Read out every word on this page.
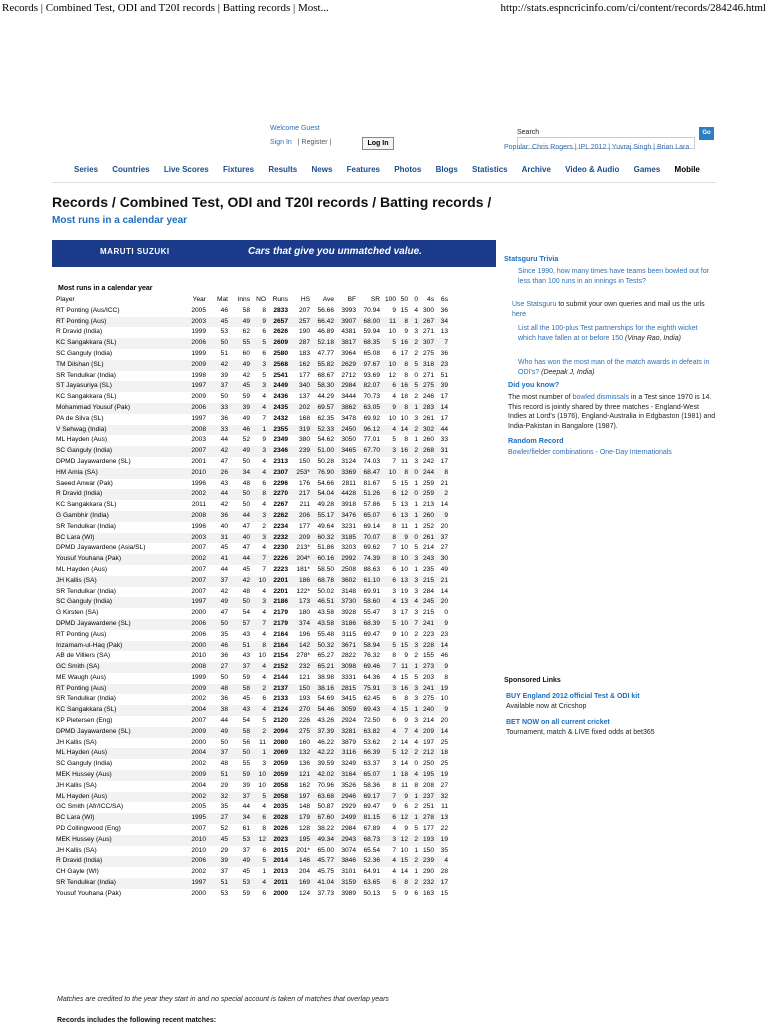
Records | Combined Test, ODI and T20I records | Batting records | Most...	http://stats.espncricinfo.com/ci/content/records/284246.html
Welcome Guest
Sign In | Register |	Log In
Search	Go
Popular: Chris Rogers | IPL 2012 | Yuvraj Singh | Brian Lara
Series Countries Live Scores Fixtures Results News Features Photos Blogs Statistics Archive Video & Audio Games Mobile
Records / Combined Test, ODI and T20I records / Batting records / Most runs in a calendar year
MARUTI SUZUKI	Cars that give you unmatched value.
Most runs in a calendar year
Player	Year	Mat	Inns	NO	Runs	HS	Ave	BF	SR	100	50	0	4s	6s
RT Ponting (Aus/ICC)	2005	46	58	8	2833	207	56.66	3993	70.94	9	15	4	300	36
RT Ponting (Aus)	2003	45	49	9	2657	257	66.42	3907	68.00	11	8	1	267	34
R Dravid (India)	1999	53	62	6	2626	190	46.89	4381	59.94	10	9	3	271	13
KC Sangakkara (SL)	2006	50	55	5	2609	287	52.18	3817	68.35	5	16	2	307	7
SC Ganguly (India)	1999	51	60	6	2580	183	47.77	3964	65.08	6	17	2	275	36
TM Dilshan (SL)	2009	42	49	3	2568	162	55.82	2629	97.67	10	8	5	318	23
SR Tendulkar (India)	1998	39	42	5	2541	177	68.67	2712	93.69	12	8	0	271	51
ST Jayasuriya (SL)	1997	37	45	3	2449	340	58.30	2984	82.07	6	16	5	275	39
KC Sangakkara (SL)	2009	50	59	4	2436	137	44.29	3444	70.73	4	18	2	246	17
Mohammad Yousuf (Pak)	2006	33	39	4	2435	202	69.57	3862	63.05	9	8	1	283	14
PA de Silva (SL)	1997	36	49	7	2432	168	62.35	3478	69.92	10	10	3	261	17
V Sehwag (India)	2008	33	46	1	2355	319	52.33	2450	96.12	4	14	2	302	44
ML Hayden (Aus)	2003	44	52	9	2349	380	54.62	3050	77.01	5	8	1	260	33
SC Ganguly (India)	2007	42	49	3	2346	239	51.00	3465	67.70	3	16	2	268	31
DPMD Jayawardene (SL)	2001	47	50	4	2313	150	50.28	3124	74.03	7	11	3	242	17
HM Amla (SA)	2010	26	34	4	2307	253*	76.90	3369	68.47	10	8	0	244	8
Saeed Anwar (Pak)	1996	43	48	6	2296	176	54.66	2811	81.67	5	15	1	259	21
R Dravid (India)	2002	44	50	8	2270	217	54.04	4428	51.26	6	12	0	259	2
KC Sangakkara (SL)	2011	42	50	4	2267	211	49.28	3918	57.86	5	13	1	213	14
G Gambhir (India)	2008	36	44	3	2262	206	55.17	3476	65.07	6	13	1	260	9
SR Tendulkar (India)	1996	40	47	2	2234	177	49.64	3231	69.14	8	11	1	252	20
BC Lara (WI)	2003	31	40	3	2232	209	60.32	3185	70.07	8	9	0	261	37
DPMD Jayawardene (Asia/SL)	2007	45	47	4	2230	213*	51.86	3203	69.62	7	10	5	214	27
Yousuf Youhana (Pak)	2002	41	44	7	2226	204*	60.16	2992	74.39	8	10	3	243	30
ML Hayden (Aus)	2007	44	45	7	2223	181*	58.50	2508	88.63	6	10	1	235	49
JH Kallis (SA)	2007	37	42	10	2201	186	68.78	3602	61.10	6	13	3	215	21
SR Tendulkar (India)	2007	42	48	4	2201	122*	50.02	3148	69.91	3	19	3	284	14
SC Ganguly (India)	1997	49	50	3	2186	173	46.51	3730	58.60	4	13	4	245	20
G Kirsten (SA)	2000	47	54	4	2179	180	43.58	3928	55.47	3	17	3	215	0
DPMD Jayawardene (SL)	2006	50	57	7	2179	374	43.58	3186	68.39	5	10	7	241	9
RT Ponting (Aus)	2006	35	43	4	2164	196	55.48	3115	69.47	9	10	2	223	23
Inzamam-ul-Haq (Pak)	2000	46	51	8	2164	142	50.32	3671	58.94	5	15	3	228	14
AB de Villiers (SA)	2010	36	43	10	2154	278*	65.27	2822	76.32	8	9	2	155	46
GC Smith (SA)	2008	27	37	4	2152	232	65.21	3098	69.46	7	11	1	273	9
ME Waugh (Aus)	1999	50	59	4	2144	121	38.98	3331	64.36	4	15	5	203	8
RT Ponting (Aus)	2009	48	58	2	2137	150	38.16	2815	75.91	3	16	3	241	19
SR Tendulkar (India)	2002	36	45	6	2133	193	54.69	3415	62.45	6	8	3	275	10
KC Sangakkara (SL)	2004	38	43	4	2124	270	54.46	3059	69.43	4	15	1	240	9
KP Pietersen (Eng)	2007	44	54	5	2120	226	43.26	2924	72.50	6	9	3	214	20
DPMD Jayawardene (SL)	2009	49	58	2	2094	275	37.39	3281	63.82	4	7	4	209	14
JH Kallis (SA)	2000	50	56	11	2080	160	46.22	3879	53.62	2	14	4	197	25
ML Hayden (Aus)	2004	37	50	1	2069	132	42.22	3116	66.39	5	12	2	212	18
SC Ganguly (India)	2002	48	55	3	2059	136	39.59	3249	63.37	3	14	0	250	25
MEK Hussey (Aus)	2009	51	59	10	2059	121	42.02	3164	65.07	1	18	4	195	19
JH Kallis (SA)	2004	29	39	10	2058	162	70.96	3526	58.36	8	11	8	208	27
ML Hayden (Aus)	2002	32	37	5	2058	197	63.68	2946	69.17	7	9	1	237	32
GC Smith (Afr/ICC/SA)	2005	35	44	4	2035	148	50.87	2929	69.47	9	6	2	251	11
BC Lara (WI)	1995	27	34	6	2028	179	67.60	2499	81.15	6	12	1	278	13
PD Collingwood (Eng)	2007	52	61	8	2026	128	38.22	2984	67.89	4	9	5	177	22
MEK Hussey (Aus)	2010	45	53	12	2023	195	49.34	2943	68.73	3	12	2	193	19
JH Kallis (SA)	2010	29	37	6	2015	201*	65.00	3074	65.54	7	10	1	150	35
R Dravid (India)	2006	39	49	5	2014	146	45.77	3846	52.36	4	15	2	239	4
CH Gayle (WI)	2002	37	45	1	2013	204	45.75	3101	64.91	4	14	1	290	28
SR Tendulkar (India)	1997	51	53	4	2011	169	41.04	3159	63.65	6	8	2	232	17
Yousuf Youhana (Pak)	2000	53	59	6	2000	124	37.73	3989	50.13	5	9	6	163	15
Matches are credited to the year they start in and no special account is taken of matches that overlap years
Records includes the following recent matches:
Statsguru Trivia
Since 1990, how many times have teams been bowled out for less than 100 runs in an innings in Tests?
Use Statsguru to submit your own queries and mail us the urls here
List all the 100-plus Test partnerships for the eighth wicket which have fallen at or before 150 (Vinay Rao, India)
Who has won the most man of the match awards in defeats in ODI's? (Deepak J, India)
Did you know?
The most number of bowled dismissals in a Test since 1970 is 14. This record is jointly shared by three matches - England-West Indies at Lord's (1976), England-Australia in Edgbaston (1981) and India-Pakistan in Bangalore (1987).
Random Record
Bowler/fielder combinations - One-Day Internationals
Sponsored Links
BUY England 2012 official Test & ODI kit
Available now at Cricshop
BET NOW on all current cricket
Tournament, match & LIVE fixed odds at bet365
